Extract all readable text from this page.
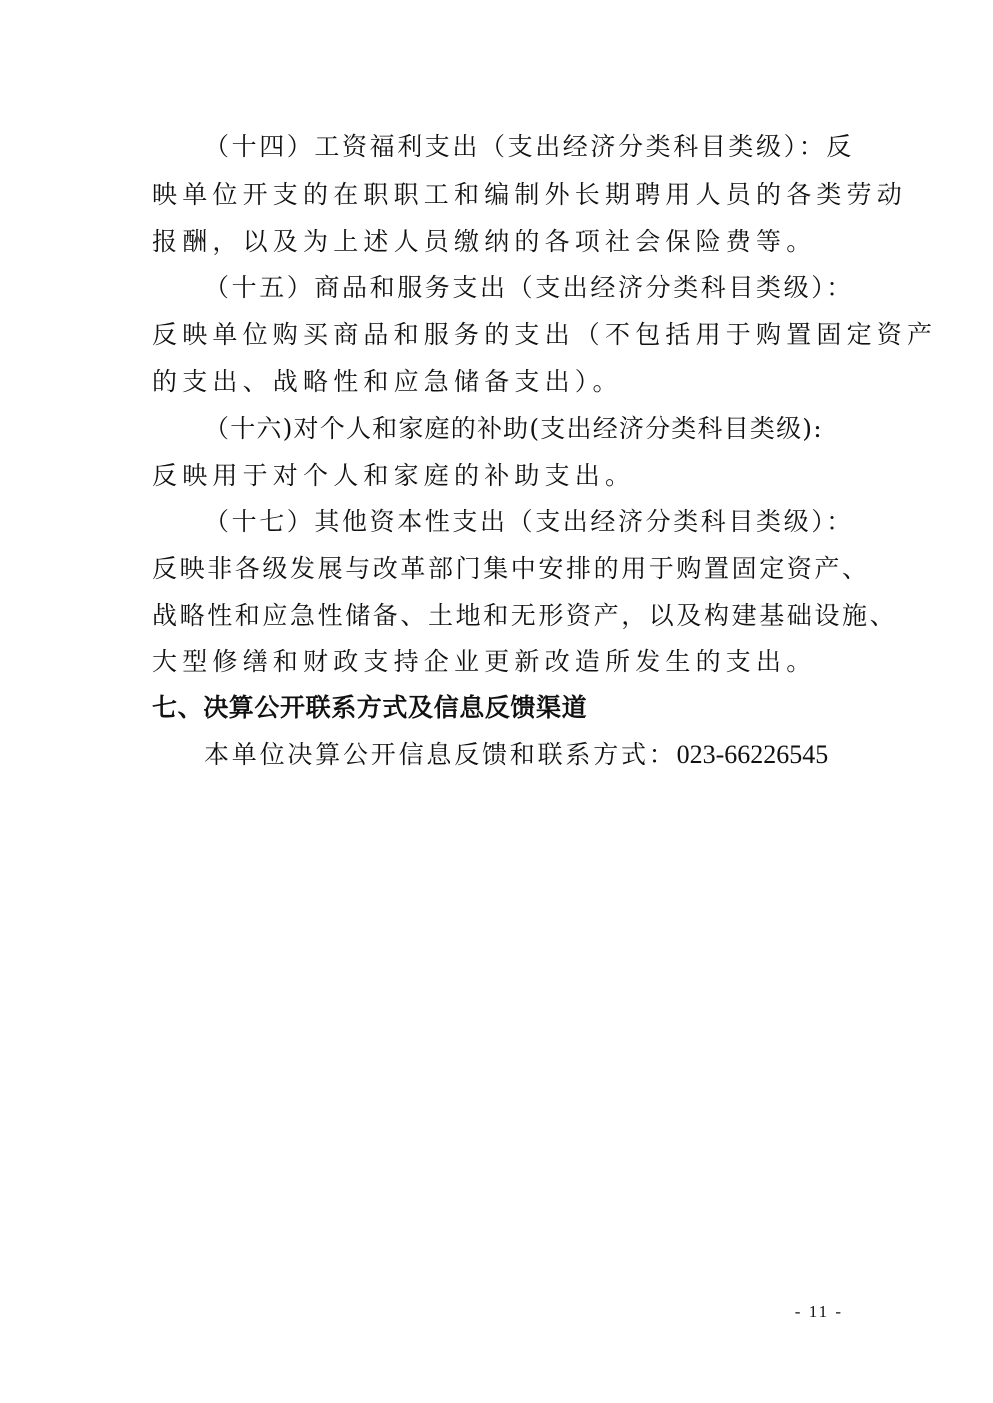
（十四）工资福利支出（支出经济分类科目类级）：反
映单位开支的在职职工和编制外长期聘用人员的各类劳动
报酬，以及为上述人员缴纳的各项社会保险费等。
（十五）商品和服务支出（支出经济分类科目类级）：
反映单位购买商品和服务的支出（不包括用于购置固定资产
的支出、战略性和应急储备支出）。
（十六)对个人和家庭的补助(支出经济分类科目类级):
反映用于对个人和家庭的补助支出。
（十七）其他资本性支出（支出经济分类科目类级）：
反映非各级发展与改革部门集中安排的用于购置固定资产、
战略性和应急性储备、土地和无形资产，以及构建基础设施、
大型修缮和财政支持企业更新改造所发生的支出。
七、决算公开联系方式及信息反馈渠道
本单位决算公开信息反馈和联系方式：023-66226545
- 11 -
